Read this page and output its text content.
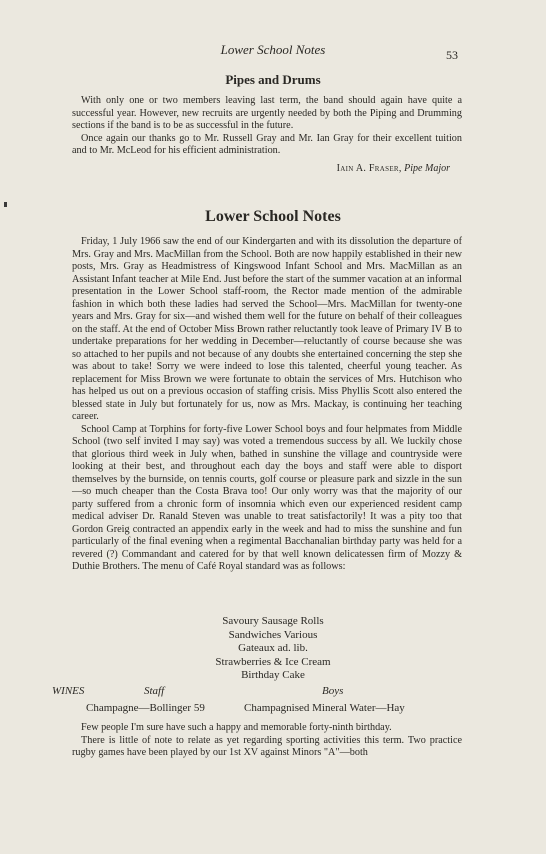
Lower School Notes	53
Pipes and Drums

With only one or two members leaving last term, the band should again have quite a successful year. However, new recruits are urgently needed by both the Piping and Drumming sections if the band is to be as successful in the future.

Once again our thanks go to Mr. Russell Gray and Mr. Ian Gray for their excellent tuition and to Mr. McLeod for his efficient administration.

Iain A. Fraser, Pipe Major
Lower School Notes

Friday, 1 July 1966 saw the end of our Kindergarten and with its dissolution the departure of Mrs. Gray and Mrs. MacMillan from the School. Both are now happily established in their new posts, Mrs. Gray as Headmistress of Kingswood Infant School and Mrs. MacMillan as an Assistant Infant teacher at Mile End. Just before the start of the summer vacation at an informal presentation in the Lower School staff-room, the Rector made mention of the admirable fashion in which both these ladies had served the School—Mrs. MacMillan for twenty-one years and Mrs. Gray for six—and wished them well for the future on behalf of their colleagues on the staff. At the end of October Miss Brown rather reluctantly took leave of Primary IV B to undertake preparations for her wedding in December—reluctantly of course because she was so attached to her pupils and not because of any doubts she entertained concerning the step she was about to take! Sorry we were indeed to lose this talented, cheerful young teacher. As replacement for Miss Brown we were fortunate to obtain the services of Mrs. Hutchison who has helped us out on a previous occasion of staffing crisis. Miss Phyllis Scott also entered the blessed state in July but fortunately for us, now as Mrs. Mackay, is continuing her teaching career.

School Camp at Torphins for forty-five Lower School boys and four helpmates from Middle School (two self invited I may say) was voted a tremendous success by all. We luckily chose that glorious third week in July when, bathed in sunshine the village and countryside were looking at their best, and throughout each day the boys and staff were able to disport themselves by the burnside, on tennis courts, golf course or pleasure park and sizzle in the sun—so much cheaper than the Costa Brava too! Our only worry was that the majority of our party suffered from a chronic form of insomnia which even our experienced resident camp medical adviser Dr. Ranald Steven was unable to treat satisfactorily! It was a pity too that Gordon Greig contracted an appendix early in the week and had to miss the sunshine and fun particularly of the final evening when a regimental Bacchanalian birthday party was held for a revered (?) Commandant and catered for by that well known delicatessen firm of Mozzy & Duthie Brothers. The menu of Café Royal standard was as follows:

Savoury Sausage Rolls
Sandwiches Various
Gateaux ad. lib.
Strawberries & Ice Cream
Birthday Cake
WINES	Staff	Boys
Champagne—Bollinger 59	Champagnised Mineral Water—Hay

Few people I'm sure have such a happy and memorable forty-ninth birthday.

There is little of note to relate as yet regarding sporting activities this term. Two practice rugby games have been played by our 1st XV against Minors "A"—both
